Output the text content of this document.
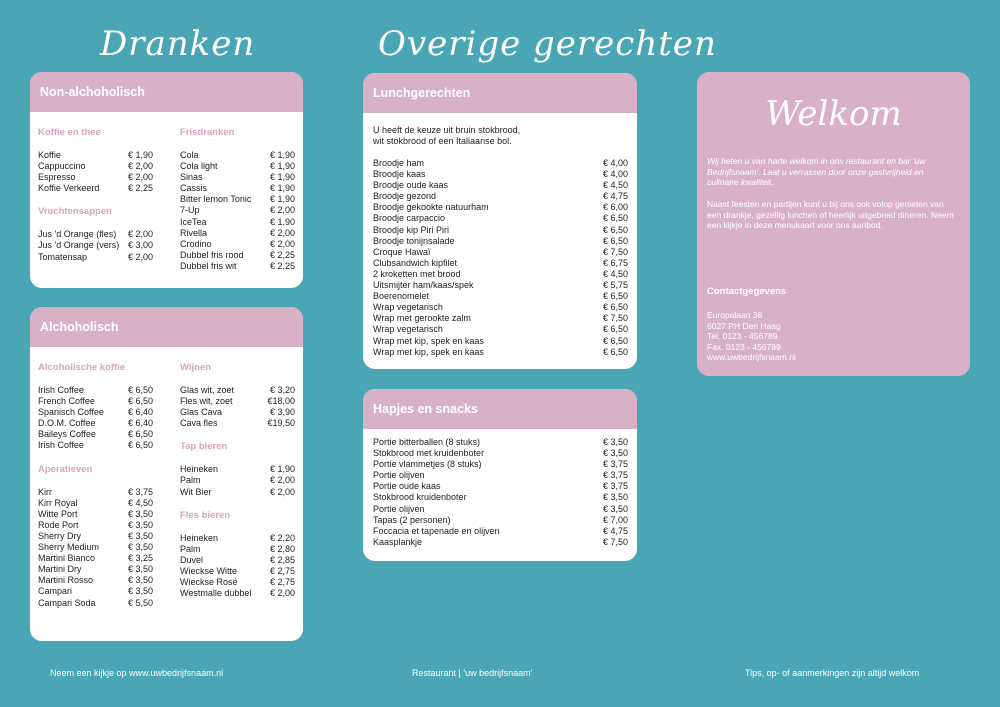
Dranken	Overige gerechten
Non-alchoholisch
Koffie en thee
Koffie	€ 1,90
Cappuccino	€ 2,00
Espresso	€ 2,00
Koffie Verkeerd	€ 2,25
Vruchtensappen
Jus 'd Orange (fles) € 2,00
Jus 'd Orange (vers) € 3,00
Tomatensap	€ 2,00
Frisdranken
Cola	€ 1,90
Cola light	€ 1,90
Sinas	€ 1,90
Cassis	€ 1,90
Bitter lemon Tonic € 1,90
7-Up	€ 2,00
IceTea	€ 1,90
Rivella	€ 2,00
Crodino	€ 2,00
Dubbel fris rood	€ 2,25
Dubbel fris wit	€ 2,25
Alchoholisch
Alcoholische koffie
Irish Coffee	€ 6,50
French Coffee	€ 6,50
Spanisch Coffee	€ 6,40
D.O.M. Coffee	€ 6,40
Baileys Coffee	€ 6,50
Irish Coffee	€ 6,50
Aperatieven
Kirr	€ 3,75
Kirr Royal	€ 4,50
Witte Port	€ 3,50
Rode Port	€ 3,50
Sherry Dry	€ 3,50
Sherry Medium	€ 3,50
Martini Bianco	€ 3,25
Martini Dry	€ 3,50
Martini Rosso	€ 3,50
Campari	€ 3,50
Campari Soda	€ 5,50
Wijnen
Glas wit, zoet	€ 3,20
Fles wit, zoet	€18,00
Glas Cava	€ 3,90
Cava fles	€19,50
Tap bieren
Heineken	€ 1,90
Palm	€ 2,00
Wit Bier	€ 2,00
Fles bieren
Heineken	€ 2,20
Palm	€ 2,80
Duvel	€ 2,85
Wieckse Witte	€ 2,75
Wieckse Rosé	€ 2,75
Westmalle dubbel € 2,00
Lunchgerechten
U heeft de keuze uit bruin stokbrood,
wit stokbrood of een Italiaanse bol.
Broodje ham	€ 4,00
Broodje kaas	€ 4,00
Broodje oude kaas	€ 4,50
Broodje gezond	€ 4,75
Broodje gekookte natuurham	€ 6,00
Broodje carpaccio	€ 6,50
Broodje kip Piri Piri	€ 6,50
Broodje tonijnsalade	€ 6,50
Croque Hawaï	€ 7,50
Clubsandwich kipfilet	€ 6,75
2 kroketten met brood	€ 4,50
Uitsmijter ham/kaas/spek	€ 5,75
Boerenomelet	€ 6,50
Wrap vegetarisch	€ 6,50
Wrap met gerookte zalm	€ 7,50
Wrap vegetarisch	€ 6,50
Wrap met kip, spek en kaas	€ 6,50
Wrap met kip, spek en kaas	€ 6,50
Hapjes en snacks
Portie bitterballen (8 stuks)	€ 3,50
Stokbrood met kruidenboter	€ 3,50
Portie vlammetjes (8 stuks)	€ 3,75
Portie olijven	€ 3,75
Portie oude kaas	€ 3,75
Stokbrood kruidenboter	€ 3,50
Portie olijven	€ 3,50
Tapas (2 personen)	€ 7,00
Foccacia et tapenade en olijven	€ 4,75
Kaasplankje	€ 7,50
Welkom
Wij heten u van harte welkom in ons restaurant en bar 'uw Bedrijfsnaam'. Laat u verrassen door onze gastvrijheid en culinaire kwaliteit.
Naast feesten en partijen kunt u bij ons ook volop genieten van een drankje, gezellig lunchen of heerlijk uitgebreid dineren. Neem een kijkje in deze menukaart voor ons aanbod.
Contactgegevens
Europalaan 36
6027 PH Den Haag
Tel. 0123 - 456789
Fax. 0123 - 456789
www.uwbedrijfsnaam.nl
Neem een kijkje op www.uwbedrijfsnaam.nl	Restaurant | 'uw bedrijfsnaam'	Tips, op- of aanmerkingen zijn altijd welkom
